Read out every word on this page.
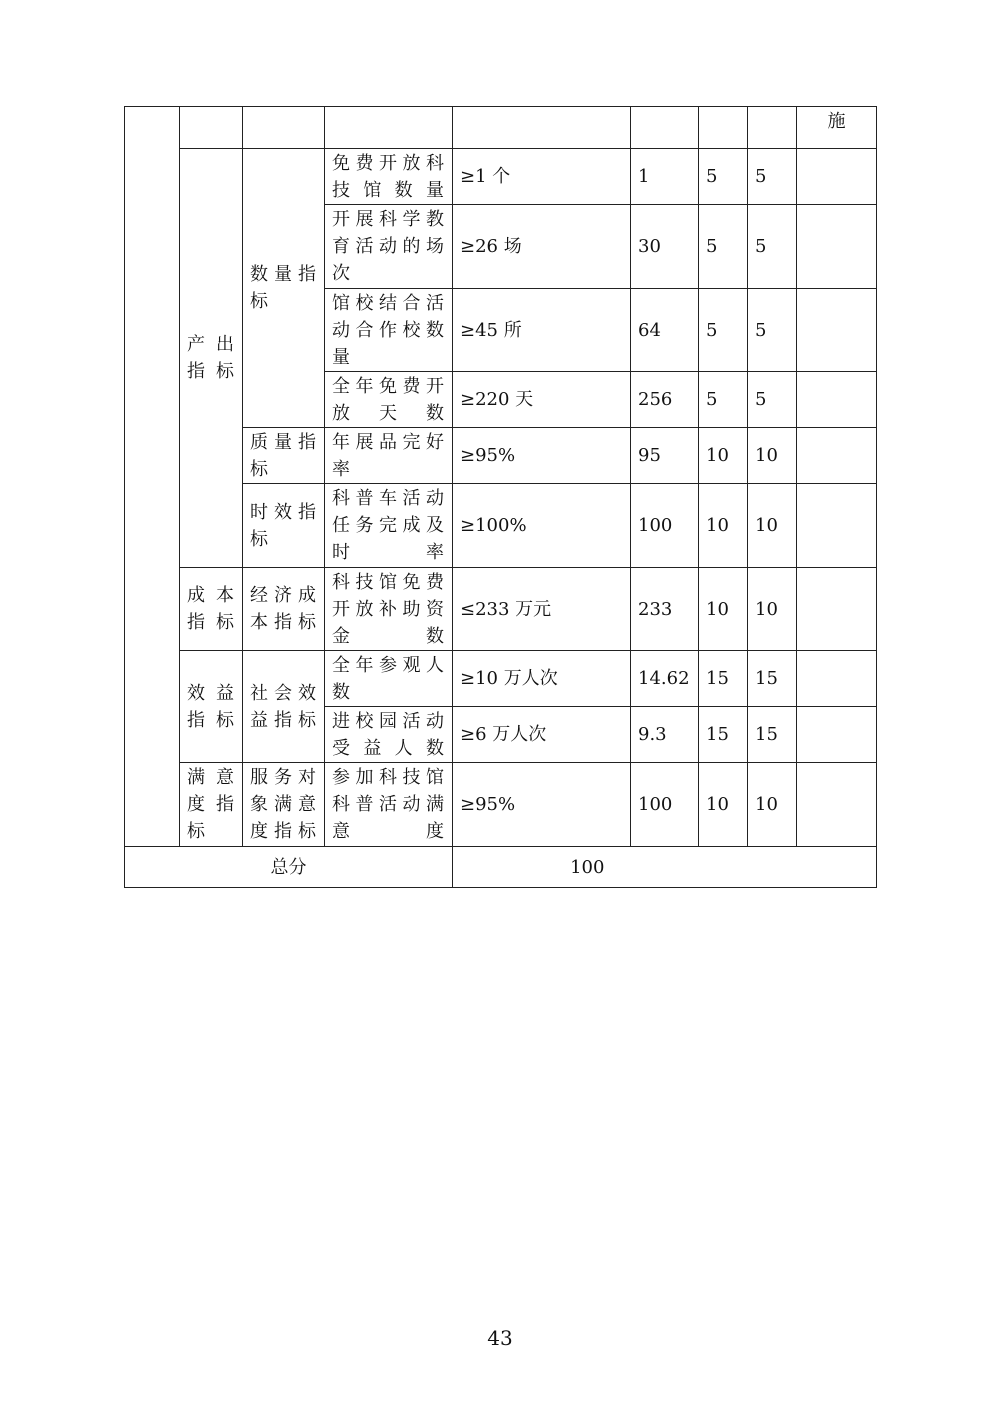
								施
	产 出指标	数量指标	免费开放科技馆数量	≥1 个	1	5	5	
			开展科学教育活动的场次	≥26 场	30	5	5	
			馆校结合活动合作校数量	≥45 所	64	5	5	
			全年免费开放天数	≥220 天	256	5	5	
		质量指标	年展品完好率	≥95%	95	10	10	
		时效指标	科普车活动任务完成及时率	≥100%	100	10	10	
	成 本指标	经济成本指标	科技馆免费开放补助资金数	≤233 万元	233	10	10	
	效 益指标	社会效益指标	全年参观人数	≥10 万人次	14.62	15	15	
			进校园活动受益人数	≥6 万人次	9.3	15	15	
	满 意度 指标	服务对象满意度指标	参加科技馆科普活动满意度	≥95%	100	10	10	
总分				100				
43
